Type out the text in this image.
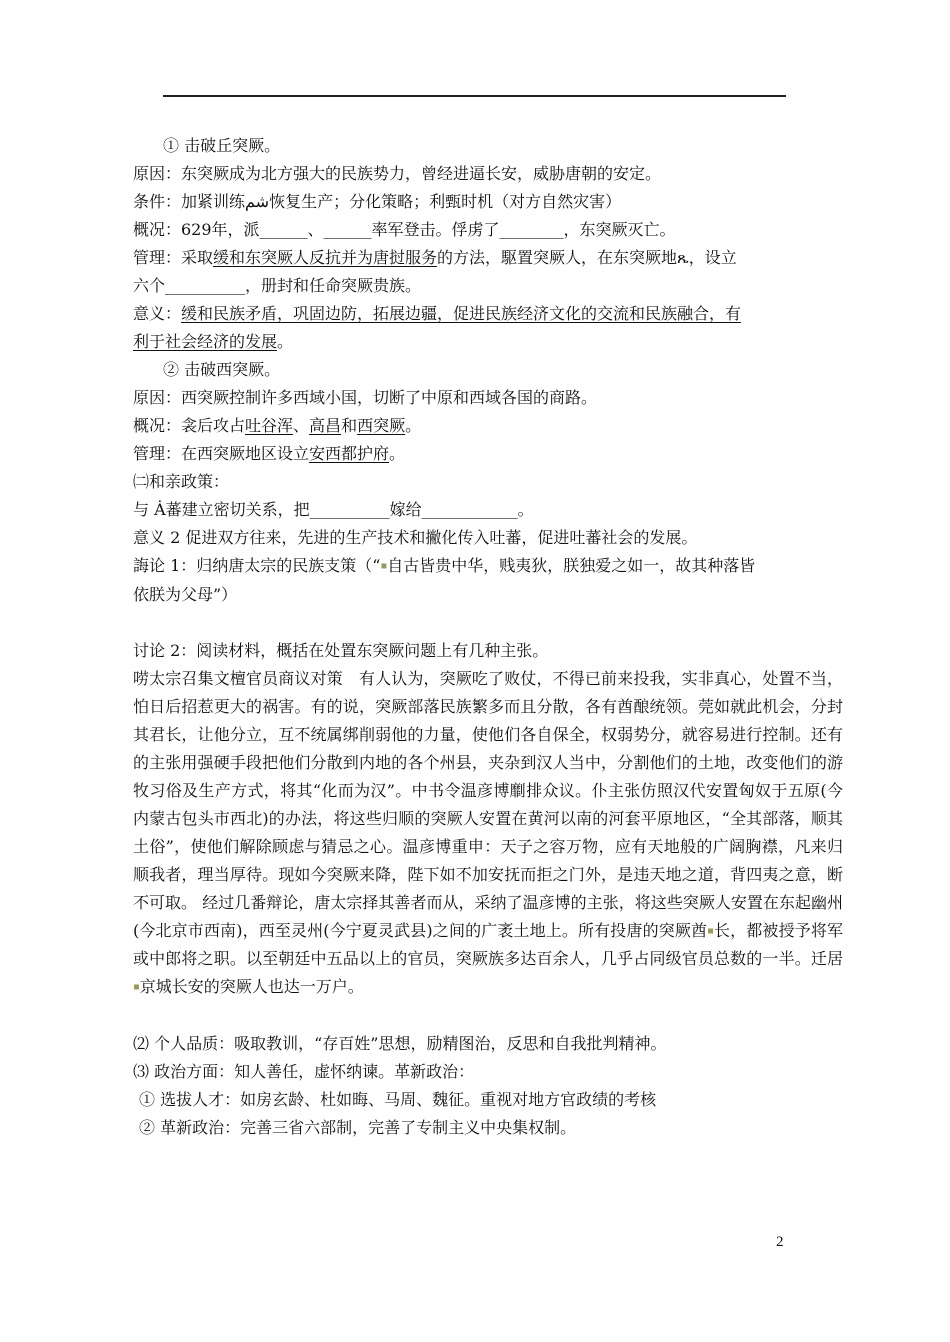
① 击破丘突厥。
原因：东突厥成为北方强大的民族势力，曾经进逼长安，威胁唐朝的安定。
条件：加紧训练شم恢复生产；分化策略；利甄时机（对方自然灾害）
概况：629年，派______、______率军登击。俘虏了________，东突厥灭亡。
管理：采取缓和东突厥人反抗并为唐挝服务的方法，駆置突厥人，在东突厥地ጼ，设立
六个__________，册封和任命突厥贵族。
意义：缓和民族矛盾，巩固边防，拓展边疆，促进民族经济文化的交流和民族融合，有
利于社会经济的发展。
② 击破西突厥。
原因：西突厥控制许多西域小国，切断了中原和西域各国的商路。
概况：衾后攻占吐谷浑、高昌和西突厥。
管理：在西突厥地区设立安西都护府。
㈡和亲政策：
与 Ȧ蕃建立密切关系，把__________嫁给____________。
意义 2 促进双方往来，先进的生产技术和撇化传入吐蕃，促进吐蕃社会的发展。
誨论 1：归纳唐太宗的民族支策（“▪自古皆贵中华，贱夷狄，朕独爱之如一，故其种落皆
依朕为父母”）
讨论 2：阅读材料，概括在处置东突厥问题上有几种主张。
唠太宗召集文檀官员商议对策　有人认为，突厥吃了败仗，不得已前来投我，实非真心，处置不当，怕日后招惹更大的祸害。有的说，突厥部落民族繁多而且分散，各有酋酿统领。莞如就此机会，分封其君长，让他分立，互不统属绑削弱他的力量，使他们各自保全，权弱势分，就容易进行控制。还有的主张用强硬手段把他们分散到内地的各个州县，夹杂到汉人当中，分割他们的土地，改变他们的游牧习俗及生产方式，将其“化而为汉”。中书令温彦博劘排众议。仆主张仿照汉代安置匈奴于五原(今内蒙古包头市西北)的办法，将这些归顺的突厥人安置在黄河以南的河套平原地区，“全其部落，顺其土俗”，使他们解除顾虑与猜忌之心。温彦博重申：天子之容万物，应有天地般的广阔胸襟，凡来归顺我者，理当厚待。现如今突厥来降，陛下如不加安抚而拒之门外，是违天地之道，背四夷之意，断不可取。 经过几番辩论，唐太宗择其善者而从，采纳了温彦博的主张，将这些突厥人安置在东起幽州(今北京市西南)，西至灵州(今宁夏灵武县)之间的广袤土地上。所有投唐的突厥酋▪长，都被授予将军或中郎将之职。以至朝廷中五品以上的官员，突厥族多达百余人，几乎占同级官员总数的一半。迁居▪京城长安的突厥人也达一万户。
⑵ 个人品质：吸取教训，“存百姓”思想，励精图治，反思和自我批判精神。
⑶ 政治方面：知人善任，虚怀纳谏。革新政治：
① 选拔人才：如房玄龄、杜如晦、马周、魏征。重视对地方官政绩的考核
② 革新政治：完善三省六部制，完善了专制主义中央集权制。
2
